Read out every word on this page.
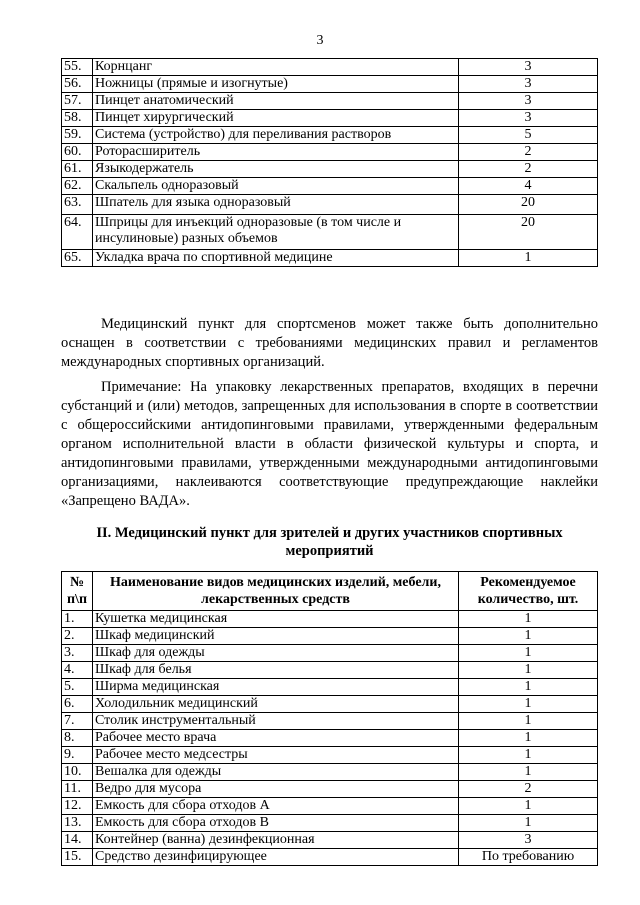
3
55.	Корнцанг	3
56.	Ножницы (прямые и изогнутые)	3
57.	Пинцет анатомический	3
58.	Пинцет хирургический	3
59.	Система (устройство) для переливания растворов	5
60.	Роторасширитель	2
61.	Языкодержатель	2
62.	Скальпель одноразовый	4
63.	Шпатель для языка одноразовый	20
64.	Шприцы для инъекций одноразовые (в том числе и инсулиновые) разных объемов	20
65.	Укладка врача по спортивной медицине	1

Медицинский пункт для спортсменов может также быть дополнительно оснащен в соответствии с требованиями медицинских правил и регламентов международных спортивных организаций.

Примечание: На упаковку лекарственных препаратов, входящих в перечни субстанций и (или) методов, запрещенных для использования в спорте в соответствии с общероссийскими антидопинговыми правилами, утвержденными федеральным органом исполнительной власти в области физической культуры и спорта, и антидопинговыми правилами, утвержденными международными антидопинговыми организациями, наклеиваются соответствующие предупреждающие наклейки «Запрещено ВАДА».

II. Медицинский пункт для зрителей и других участников спортивных мероприятий

№ п\п	Наименование видов медицинских изделий, мебели, лекарственных средств	Рекомендуемое количество, шт.
1.	Кушетка медицинская	1
2.	Шкаф медицинский	1
3.	Шкаф для одежды	1
4.	Шкаф для белья	1
5.	Ширма медицинская	1
6.	Холодильник медицинский	1
7.	Столик инструментальный	1
8.	Рабочее место врача	1
9.	Рабочее место медсестры	1
10.	Вешалка для одежды	1
11.	Ведро для мусора	2
12.	Емкость для сбора отходов А	1
13.	Емкость для сбора отходов В	1
14.	Контейнер (ванна) дезинфекционная	3
15.	Средство дезинфицирующее	По требованию
